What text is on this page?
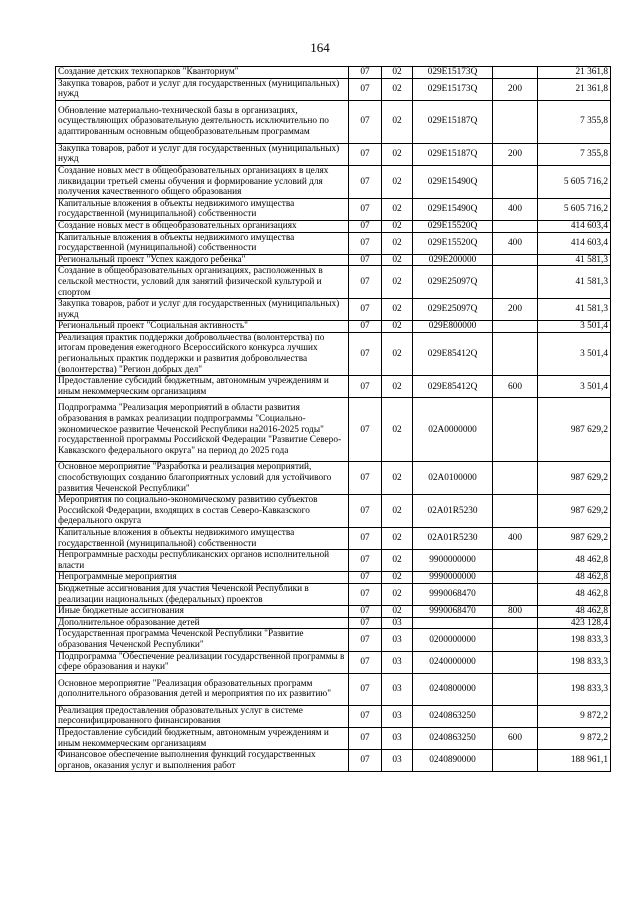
164
Создание детских технопарков "Кванториум"	07	02	029E15173Q		21 361,8
Закупка товаров, работ и услуг для государственных (муниципальных) нужд	07	02	029E15173Q	200	21 361,8
Обновление материально-технической базы в организациях, осуществляющих образовательную деятельность исключительно по адаптированным основным общеобразовательным программам	07	02	029E15187Q		7 355,8
Закупка товаров, работ и услуг для государственных (муниципальных) нужд	07	02	029E15187Q	200	7 355,8
Создание новых мест в общеобразовательных организациях в целях ликвидации третьей смены обучения и формирование условий для получения качественного общего образования	07	02	029E15490Q		5 605 716,2
Капитальные вложения в объекты недвижимого имущества государственной (муниципальной) собственности	07	02	029E15490Q	400	5 605 716,2
Создание новых мест в общеобразовательных организациях	07	02	029E15520Q		414 603,4
Капитальные вложения в объекты недвижимого имущества государственной (муниципальной) собственности	07	02	029E15520Q	400	414 603,4
Региональный проект "Успех каждого ребенка"	07	02	029E200000		41 581,3
Создание в общеобразовательных организациях, расположенных в сельской местности, условий для занятий физической культурой и спортом	07	02	029E25097Q		41 581,3
Закупка товаров, работ и услуг для государственных (муниципальных) нужд	07	02	029E25097Q	200	41 581,3
Региональный проект "Социальная активность"	07	02	029E800000		3 501,4
Реализация практик поддержки добровольчества (волонтерства) по итогам проведения ежегодного Всероссийского конкурса лучших региональных практик поддержки и развития добровольчества (волонтерства) "Регион добрых дел"	07	02	029E85412Q		3 501,4
Предоставление субсидий бюджетным, автономным учреждениям и иным некоммерческим организациям	07	02	029E85412Q	600	3 501,4
Подпрограмма "Реализация мероприятий в области развития образования в рамках реализации подпрограммы "Социально-экономическое развитие Чеченской Республики на2016-2025 годы" государственной программы Российской Федерации "Развитие Северо-Кавказского федерального округа" на период до 2025 года	07	02	02А0000000		987 629,2
Основное мероприятие "Разработка и реализация мероприятий, способствующих созданию благоприятных условий для устойчивого развития Чеченской Республики"	07	02	02А0100000		987 629,2
Мероприятия по социально-экономическому развитию субъектов Российской Федерации, входящих в состав Северо-Кавказского федерального округа	07	02	02А01R5230		987 629,2
Капитальные вложения в объекты недвижимого имущества государственной (муниципальной) собственности	07	02	02А01R5230	400	987 629,2
Непрограммные расходы республиканских органов исполнительной власти	07	02	9900000000		48 462,8
Непрограммные мероприятия	07	02	9990000000		48 462,8
Бюджетные ассигнования для участия Чеченской Республики в реализации национальных (федеральных) проектов	07	02	9990068470		48 462,8
Иные бюджетные ассигнования	07	02	9990068470	800	48 462,8
Дополнительное образование детей	07	03			423 128,4
Государственная программа Чеченской Республики "Развитие образования Чеченской Республики"	07	03	0200000000		198 833,3
Подпрограмма "Обеспечение реализации государственной программы в сфере образования и науки"	07	03	0240000000		198 833,3
Основное мероприятие "Реализация образовательных программ дополнительного образования детей и мероприятия по их развитию"	07	03	0240800000		198 833,3
Реализация предоставления образовательных услуг в системе персонифицированного финансирования	07	03	0240863250		9 872,2
Предоставление субсидий бюджетным, автономным учреждениям и иным некоммерческим организациям	07	03	0240863250	600	9 872,2
Финансовое обеспечение выполнения функций государственных органов, оказания услуг и выполнения работ	07	03	0240890000		188 961,1
